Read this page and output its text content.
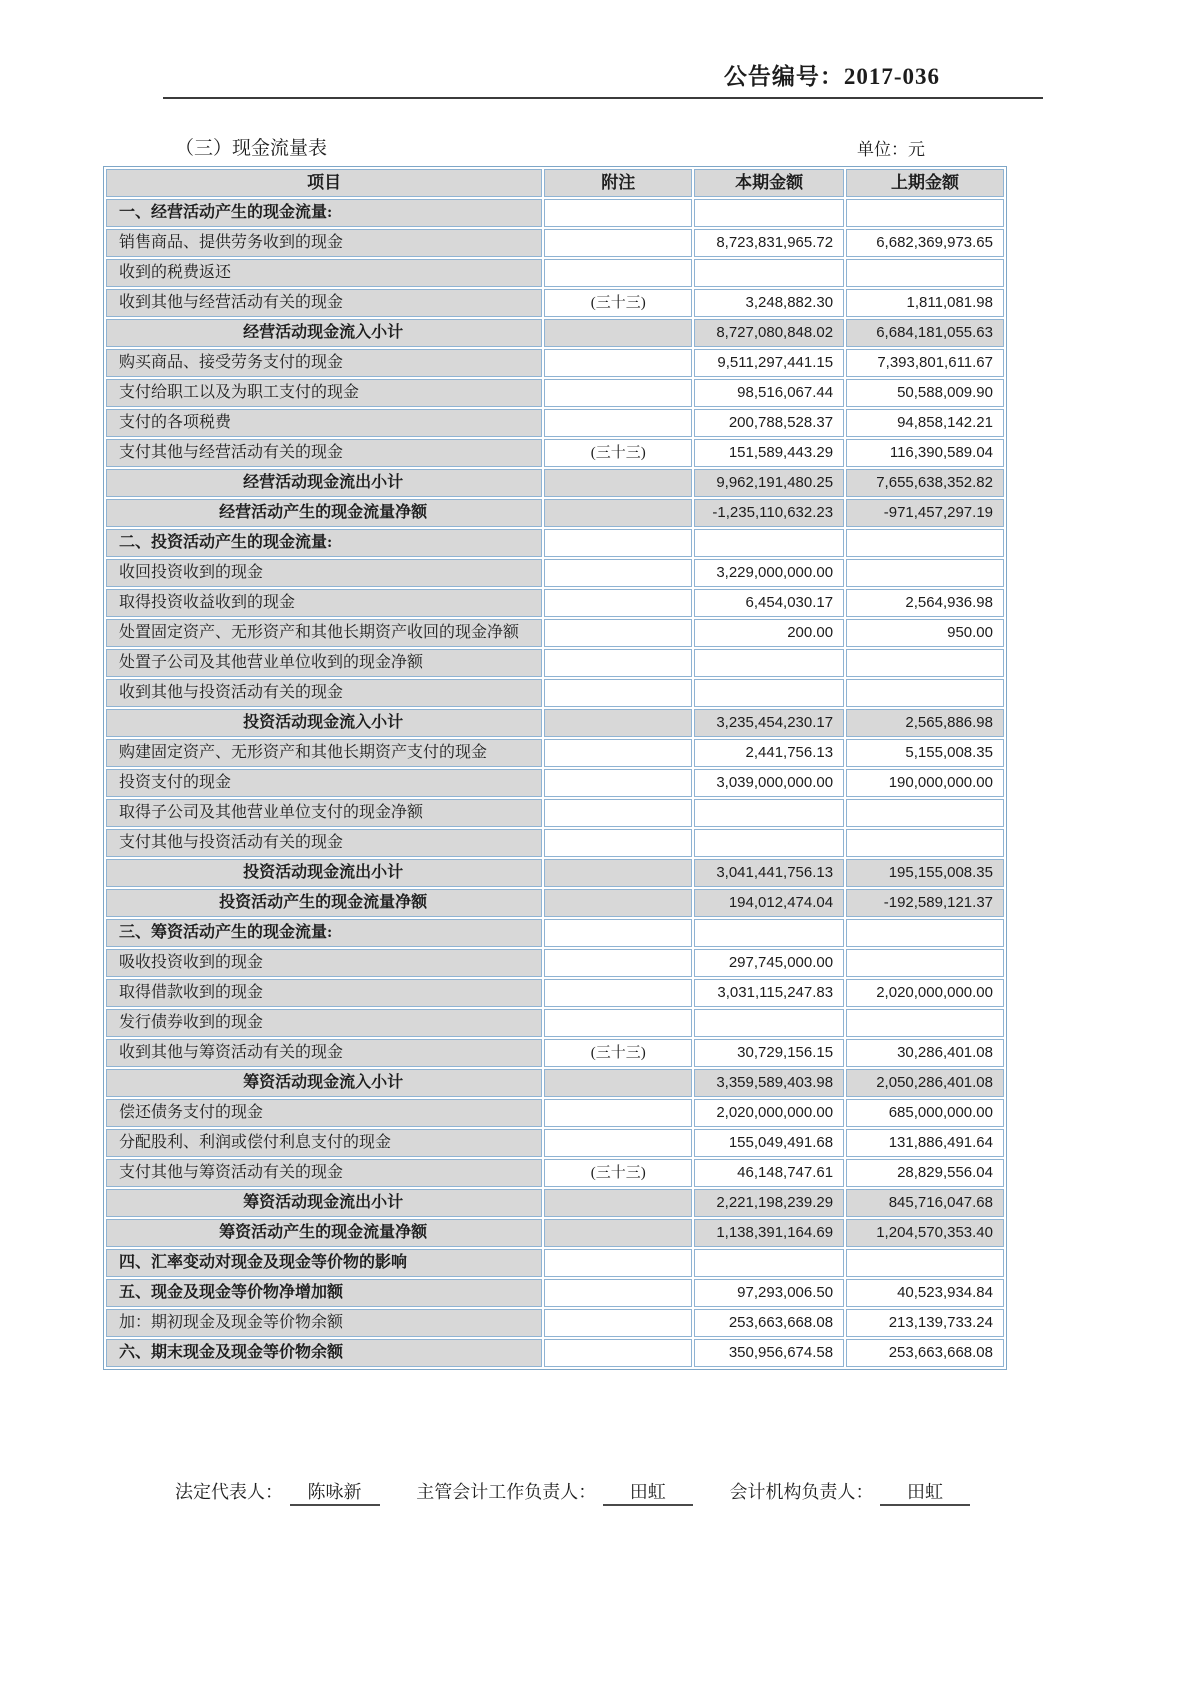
公告编号：2017-036
（三）现金流量表	单位：元
项目	附注	本期金额	上期金额
一、经营活动产生的现金流量:			
销售商品、提供劳务收到的现金		8,723,831,965.72	6,682,369,973.65
收到的税费返还			
收到其他与经营活动有关的现金	(三十三)	3,248,882.30	1,811,081.98
经营活动现金流入小计		8,727,080,848.02	6,684,181,055.63
购买商品、接受劳务支付的现金		9,511,297,441.15	7,393,801,611.67
支付给职工以及为职工支付的现金		98,516,067.44	50,588,009.90
支付的各项税费		200,788,528.37	94,858,142.21
支付其他与经营活动有关的现金	(三十三)	151,589,443.29	116,390,589.04
经营活动现金流出小计		9,962,191,480.25	7,655,638,352.82
经营活动产生的现金流量净额		-1,235,110,632.23	-971,457,297.19
二、投资活动产生的现金流量:			
收回投资收到的现金		3,229,000,000.00	
取得投资收益收到的现金		6,454,030.17	2,564,936.98
处置固定资产、无形资产和其他长期资产收回的现金净额		200.00	950.00
处置子公司及其他营业单位收到的现金净额			
收到其他与投资活动有关的现金			
投资活动现金流入小计		3,235,454,230.17	2,565,886.98
购建固定资产、无形资产和其他长期资产支付的现金		2,441,756.13	5,155,008.35
投资支付的现金		3,039,000,000.00	190,000,000.00
取得子公司及其他营业单位支付的现金净额			
支付其他与投资活动有关的现金			
投资活动现金流出小计		3,041,441,756.13	195,155,008.35
投资活动产生的现金流量净额		194,012,474.04	-192,589,121.37
三、筹资活动产生的现金流量:			
吸收投资收到的现金		297,745,000.00	
取得借款收到的现金		3,031,115,247.83	2,020,000,000.00
发行债券收到的现金			
收到其他与筹资活动有关的现金	(三十三)	30,729,156.15	30,286,401.08
筹资活动现金流入小计		3,359,589,403.98	2,050,286,401.08
偿还债务支付的现金		2,020,000,000.00	685,000,000.00
分配股利、利润或偿付利息支付的现金		155,049,491.68	131,886,491.64
支付其他与筹资活动有关的现金	(三十三)	46,148,747.61	28,829,556.04
筹资活动现金流出小计		2,221,198,239.29	845,716,047.68
筹资活动产生的现金流量净额		1,138,391,164.69	1,204,570,353.40
四、汇率变动对现金及现金等价物的影响			
五、现金及现金等价物净增加额		97,293,006.50	40,523,934.84
加：期初现金及现金等价物余额		253,663,668.08	213,139,733.24
六、期末现金及现金等价物余额		350,956,674.58	253,663,668.08
法定代表人： 陈咏新	主管会计工作负责人： 田虹	会计机构负责人： 田虹
